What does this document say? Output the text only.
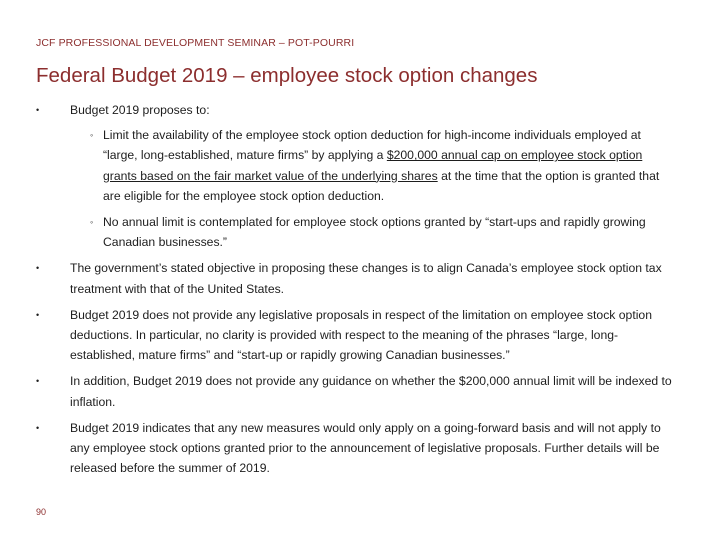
JCF PROFESSIONAL DEVELOPMENT SEMINAR – POT-POURRI
Federal Budget 2019 – employee stock option changes

•	Budget 2019 proposes to:

◦ Limit the availability of the employee stock option deduction for high-income individuals employed at “large, long-established, mature firms” by applying a $200,000 annual cap on employee stock option grants based on the fair market value of the underlying shares at the time that the option is granted that are eligible for the employee stock option deduction.

◦ No annual limit is contemplated for employee stock options granted by “start-ups and rapidly growing Canadian businesses.”

•	The government’s stated objective in proposing these changes is to align Canada’s employee stock option tax treatment with that of the United States.

•	Budget 2019 does not provide any legislative proposals in respect of the limitation on employee stock option deductions. In particular, no clarity is provided with respect to the meaning of the phrases “large, long-established, mature firms” and “start-up or rapidly growing Canadian businesses.”

•	In addition, Budget 2019 does not provide any guidance on whether the $200,000 annual limit will be indexed to inflation.

•	Budget 2019 indicates that any new measures would only apply on a going-forward basis and will not apply to any employee stock options granted prior to the announcement of legislative proposals. Further details will be released before the summer of 2019.

90
